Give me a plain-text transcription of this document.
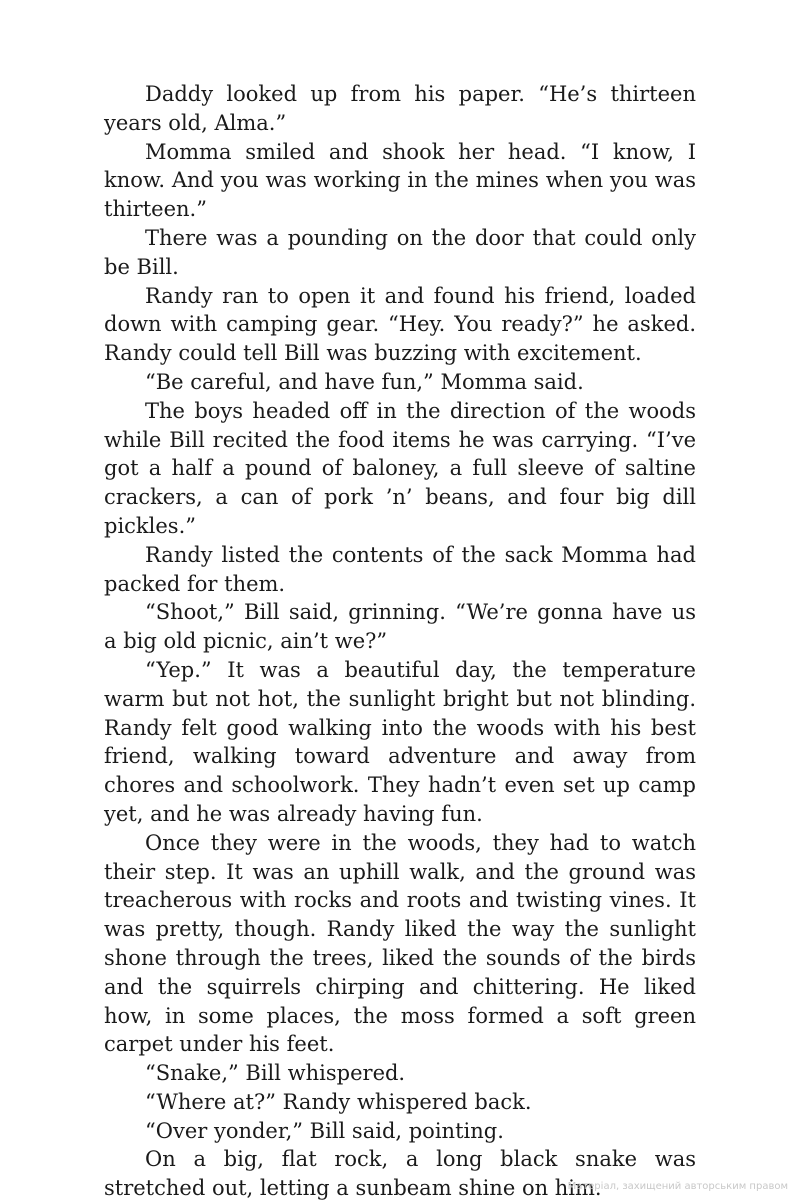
Daddy looked up from his paper. “He’s thirteen years old, Alma.”

Momma smiled and shook her head. “I know, I know. And you was working in the mines when you was thirteen.”

There was a pounding on the door that could only be Bill.

Randy ran to open it and found his friend, loaded down with camping gear. “Hey. You ready?” he asked. Randy could tell Bill was buzzing with excitement.

“Be careful, and have fun,” Momma said.

The boys headed off in the direction of the woods while Bill recited the food items he was carrying. “I’ve got a half a pound of baloney, a full sleeve of saltine crackers, a can of pork ’n’ beans, and four big dill pickles.”

Randy listed the contents of the sack Momma had packed for them.

“Shoot,” Bill said, grinning. “We’re gonna have us a big old picnic, ain’t we?”

“Yep.” It was a beautiful day, the temperature warm but not hot, the sunlight bright but not blinding. Randy felt good walking into the woods with his best friend, walking toward adventure and away from chores and schoolwork. They hadn’t even set up camp yet, and he was already having fun.

Once they were in the woods, they had to watch their step. It was an uphill walk, and the ground was treacherous with rocks and roots and twisting vines. It was pretty, though. Randy liked the way the sunlight shone through the trees, liked the sounds of the birds and the squirrels chirping and chittering. He liked how, in some places, the moss formed a soft green carpet under his feet.

“Snake,” Bill whispered.

“Where at?” Randy whispered back.

“Over yonder,” Bill said, pointing.

On a big, flat rock, a long black snake was stretched out, letting a sunbeam shine on him.

Матеріал, захищений авторським правом
